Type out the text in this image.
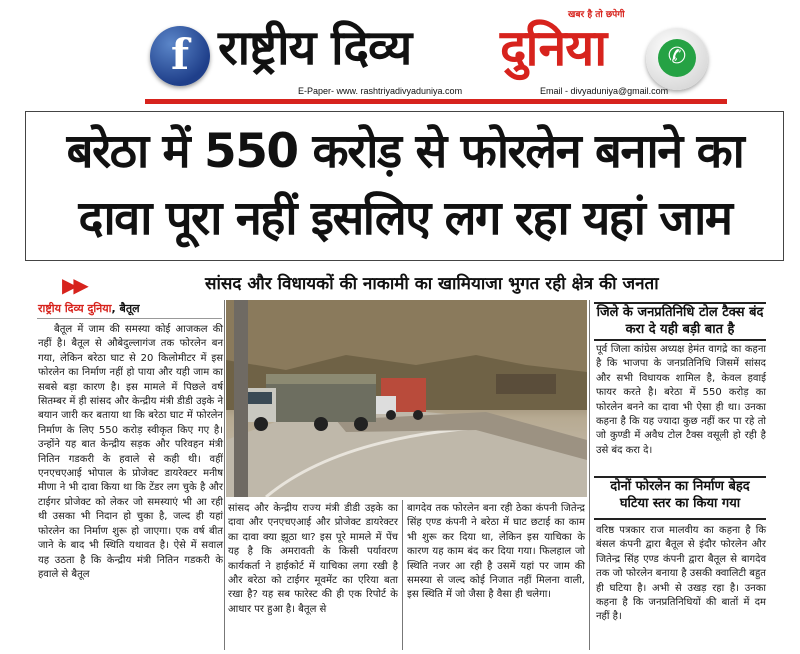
f राष्ट्रीय दिव्य दुनिया
खबर है तो छपेगी
✆
E-Paper- www. rashtriyadivyaduniya.com	Email - divyaduniya@gmail.com
बरेठा में 550 करोड़ से फोरलेन बनाने का
दावा पूरा नहीं इसलिए लग रहा यहां जाम
▶▶	सांसद और विधायकों की नाकामी का खामियाजा भुगत रही क्षेत्र की जनता
राष्ट्रीय दिव्य दुनिया, बैतूल

बैतूल में जाम की समस्या कोई आजकल की नहीं है। बैतूल से औबेदुल्लागंज तक फोरलेन बन गया, लेकिन बरेठा घाट से 20 किलोमीटर में इस फोरलेन का निर्माण नहीं हो पाया और यही जाम का सबसे बड़ा कारण है। इस मामले में पिछले वर्ष सितम्बर में ही सांसद और केन्द्रीय मंत्री डीडी उइके ने बयान जारी कर बताया था कि बरेठा घाट में फोरलेन निर्माण के लिए 550 करोड़ स्वीकृत किए गए है। उन्होंने यह बात केन्द्रीय सड़क और परिवहन मंत्री नितिन गडकरी के हवाले से कही थी। वहीं एनएचएआई भोपाल के प्रोजेक्ट डायरेक्टर मनीष मीणा ने भी दावा किया था कि टेंडर लग चुके है और टाईगर प्रोजेक्ट को लेकर जो समस्याएं भी आ रही थी उसका भी निदान हो चुका है, जल्द ही यहां फोरलेन का निर्माण शुरू हो जाएगा। एक वर्ष बीत जाने के बाद भी स्थिति यथावत है। ऐसे में सवाल यह उठता है कि केन्द्रीय मंत्री नितिन गडकरी के हवाले से बैतूल

सांसद और केन्द्रीय राज्य मंत्री डीडी उइके का दावा और एनएचएआई और प्रोजेक्ट डायरेक्टर का दावा क्या झूठा था? इस पूरे मामले में पेंच यह है कि अमरावती के किसी पर्यावरण कार्यकर्ता ने हाईकोर्ट में याचिका लगा रखी है और बरेठा को टाईगर मूवमेंट का एरिया बता रखा है? यह सब फारेस्ट की ही एक रिपोर्ट के आधार पर हुआ है। बैतूल से

बागदेव तक फोरलेन बना रही ठेका कंपनी जितेन्द्र सिंह एण्ड कंपनी ने बरेठा में घाट छटाई का काम भी शुरू कर दिया था, लेकिन इस याचिका के कारण यह काम बंद कर दिया गया। फिलहाल जो स्थिति नजर आ रही है उसमें यहां पर जाम की समस्या से जल्द कोई निजात नहीं मिलना वाली, इस स्थिति में जो जैसा है वैसा ही चलेगा।

जिले के जनप्रतिनिधि टोल टैक्स बंद करा दे यही बड़ी बात है
पूर्व जिला कांग्रेस अध्यक्ष हेमंत वागद्रे का कहना है कि भाजपा के जनप्रतिनिधि जिसमें सांसद और सभी विधायक शामिल है, केवल हवाई फायर करते है। बरेठा में 550 करोड़ का फोरलेन बनने का दावा भी ऐसा ही था। उनका कहना है कि यह ज्यादा कुछ नहीं कर पा रहे तो जो कुण्डी में अवैध टोल टैक्स वसूली हो रही है उसे बंद करा दे।
दोनों फोरलेन का निर्माण बेहद घटिया स्तर का किया गया
वरिष्ठ पत्रकार राज मालवीय का कहना है कि बंसल कंपनी द्वारा बैतूल से इंदौर फोरलेन और जितेन्द्र सिंह एण्ड कंपनी द्वारा बैतूल से बागदेव तक जो फोरलेन बनाया है उसकी क्वालिटी बहुत ही घटिया है। अभी से उखड़ रहा है। उनका कहना है कि जनप्रतिनिधियों की बातों में दम नहीं है।
